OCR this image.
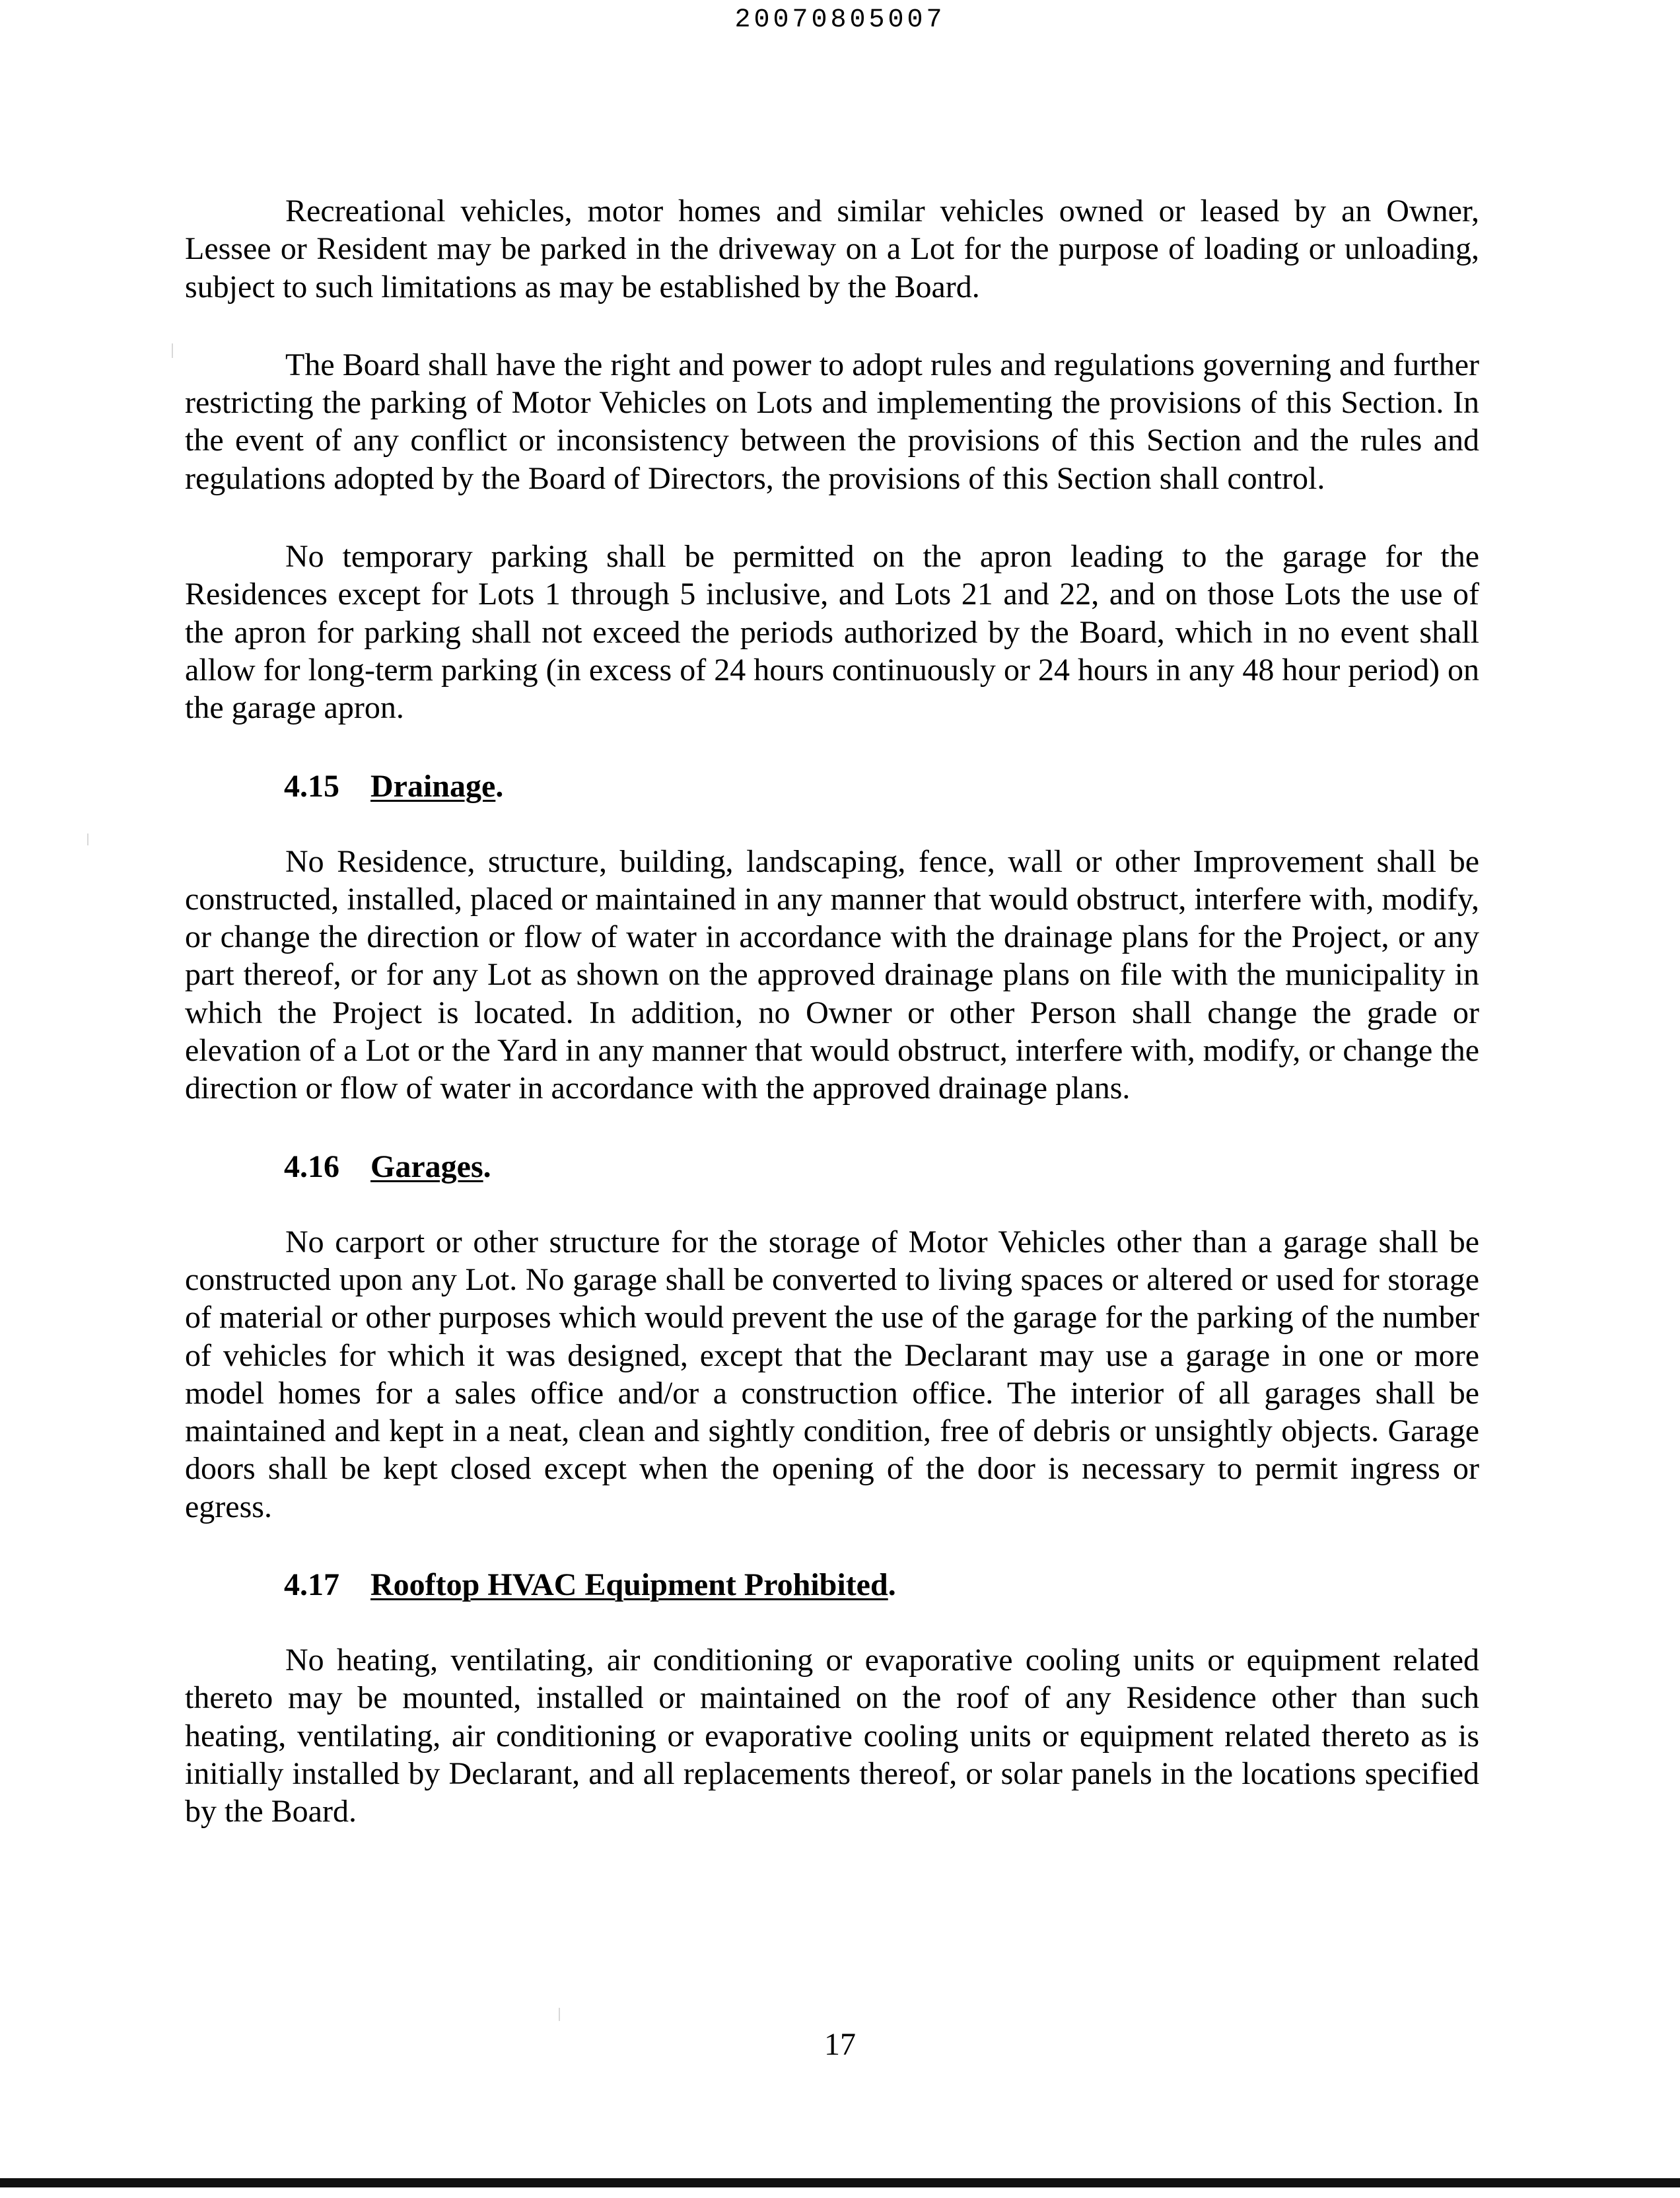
20070805007

Recreational vehicles, motor homes and similar vehicles owned or leased by an Owner, Lessee or Resident may be parked in the driveway on a Lot for the purpose of loading or unloading, subject to such limitations as may be established by the Board.

The Board shall have the right and power to adopt rules and regulations governing and further restricting the parking of Motor Vehicles on Lots and implementing the provisions of this Section. In the event of any conflict or inconsistency between the provisions of this Section and the rules and regulations adopted by the Board of Directors, the provisions of this Section shall control.

No temporary parking shall be permitted on the apron leading to the garage for the Residences except for Lots 1 through 5 inclusive, and Lots 21 and 22, and on those Lots the use of the apron for parking shall not exceed the periods authorized by the Board, which in no event shall allow for long-term parking (in excess of 24 hours continuously or 24 hours in any 48 hour period) on the garage apron.

4.15 Drainage.

No Residence, structure, building, landscaping, fence, wall or other Improvement shall be constructed, installed, placed or maintained in any manner that would obstruct, interfere with, modify, or change the direction or flow of water in accordance with the drainage plans for the Project, or any part thereof, or for any Lot as shown on the approved drainage plans on file with the municipality in which the Project is located. In addition, no Owner or other Person shall change the grade or elevation of a Lot or the Yard in any manner that would obstruct, interfere with, modify, or change the direction or flow of water in accordance with the approved drainage plans.

4.16 Garages.

No carport or other structure for the storage of Motor Vehicles other than a garage shall be constructed upon any Lot. No garage shall be converted to living spaces or altered or used for storage of material or other purposes which would prevent the use of the garage for the parking of the number of vehicles for which it was designed, except that the Declarant may use a garage in one or more model homes for a sales office and/or a construction office. The interior of all garages shall be maintained and kept in a neat, clean and sightly condition, free of debris or unsightly objects. Garage doors shall be kept closed except when the opening of the door is necessary to permit ingress or egress.

4.17 Rooftop HVAC Equipment Prohibited.

No heating, ventilating, air conditioning or evaporative cooling units or equipment related thereto may be mounted, installed or maintained on the roof of any Residence other than such heating, ventilating, air conditioning or evaporative cooling units or equipment related thereto as is initially installed by Declarant, and all replacements thereof, or solar panels in the locations specified by the Board.

17
